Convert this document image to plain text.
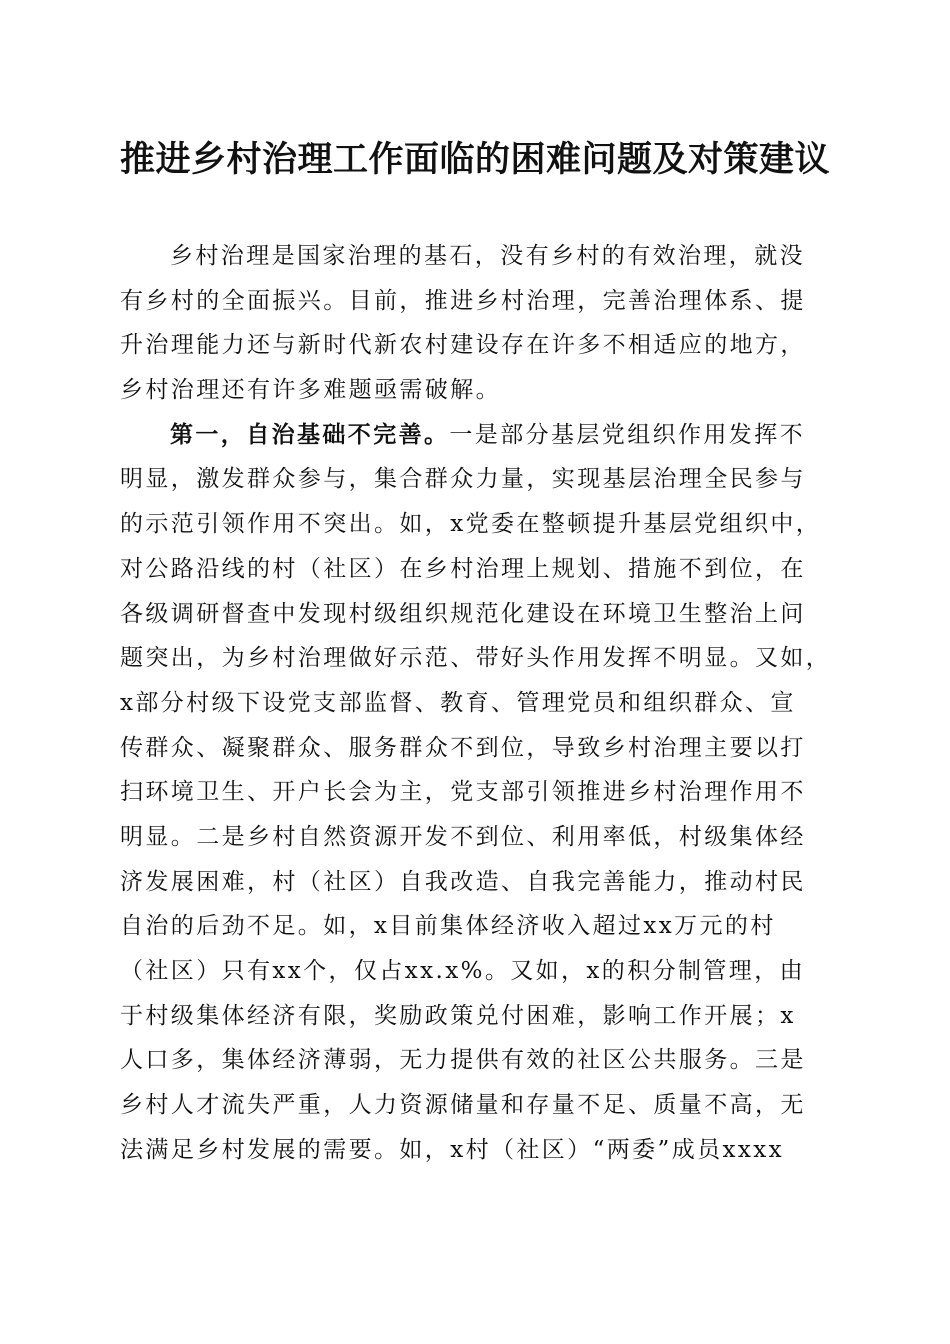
推进乡村治理工作面临的困难问题及对策建议
乡村治理是国家治理的基石，没有乡村的有效治理，就没
有乡村的全面振兴。目前，推进乡村治理，完善治理体系、提
升治理能力还与新时代新农村建设存在许多不相适应的地方，
乡村治理还有许多难题亟需破解。
第一，自治基础不完善。一是部分基层党组织作用发挥不
明显，激发群众参与，集合群众力量，实现基层治理全民参与
的示范引领作用不突出。如，x党委在整顿提升基层党组织中，
对公路沿线的村（社区）在乡村治理上规划、措施不到位，在
各级调研督查中发现村级组织规范化建设在环境卫生整治上问
题突出，为乡村治理做好示范、带好头作用发挥不明显。又如，
x部分村级下设党支部监督、教育、管理党员和组织群众、宣
传群众、凝聚群众、服务群众不到位，导致乡村治理主要以打
扫环境卫生、开户长会为主，党支部引领推进乡村治理作用不
明显。二是乡村自然资源开发不到位、利用率低，村级集体经
济发展困难，村（社区）自我改造、自我完善能力，推动村民
自治的后劲不足。如，x目前集体经济收入超过xx万元的村
（社区）只有xx个，仅占xx.x%。又如，x的积分制管理，由
于村级集体经济有限，奖励政策兑付困难，影响工作开展；x
人口多，集体经济薄弱，无力提供有效的社区公共服务。三是
乡村人才流失严重，人力资源储量和存量不足、质量不高，无
法满足乡村发展的需要。如，x村（社区）“两委”成员xxxx
